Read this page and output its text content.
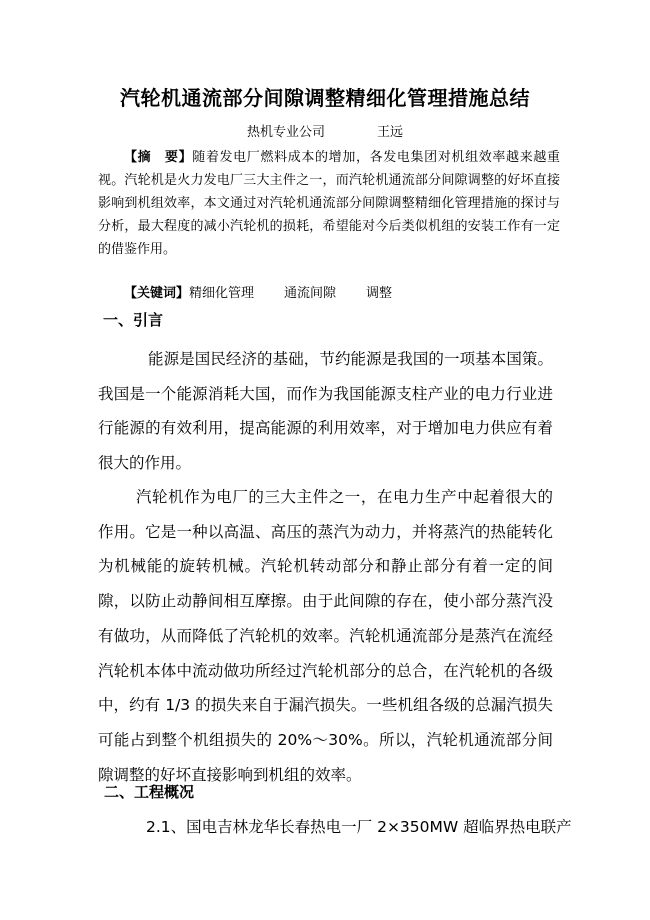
汽轮机通流部分间隙调整精细化管理措施总结
热机专业公司	王远

【摘　要】随着发电厂燃料成本的增加，各发电集团对机组效率越来越重视。汽轮机是火力发电厂三大主件之一，而汽轮机通流部分间隙调整的好坏直接影响到机组效率，本文通过对汽轮机通流部分间隙调整精细化管理措施的探讨与分析，最大程度的减小汽轮机的损耗，希望能对今后类似机组的安装工作有一定的借鉴作用。

【关键词】精细化管理 通流间隙 调整
一、引言

能源是国民经济的基础，节约能源是我国的一项基本国策。我国是一个能源消耗大国，而作为我国能源支柱产业的电力行业进行能源的有效利用，提高能源的利用效率，对于增加电力供应有着很大的作用。

汽轮机作为电厂的三大主件之一，在电力生产中起着很大的作用。它是一种以高温、高压的蒸汽为动力，并将蒸汽的热能转化为机械能的旋转机械。汽轮机转动部分和静止部分有着一定的间隙，以防止动静间相互摩擦。由于此间隙的存在，使小部分蒸汽没有做功，从而降低了汽轮机的效率。汽轮机通流部分是蒸汽在流经汽轮机本体中流动做功所经过汽轮机部分的总合，在汽轮机的各级中，约有 1/3 的损失来自于漏汽损失。一些机组各级的总漏汽损失可能占到整个机组损失的 20%～30%。所以，汽轮机通流部分间隙调整的好坏直接影响到机组的效率。

二、工程概况

2.1、国电吉林龙华长春热电一厂 2×350MW 超临界热电联产
